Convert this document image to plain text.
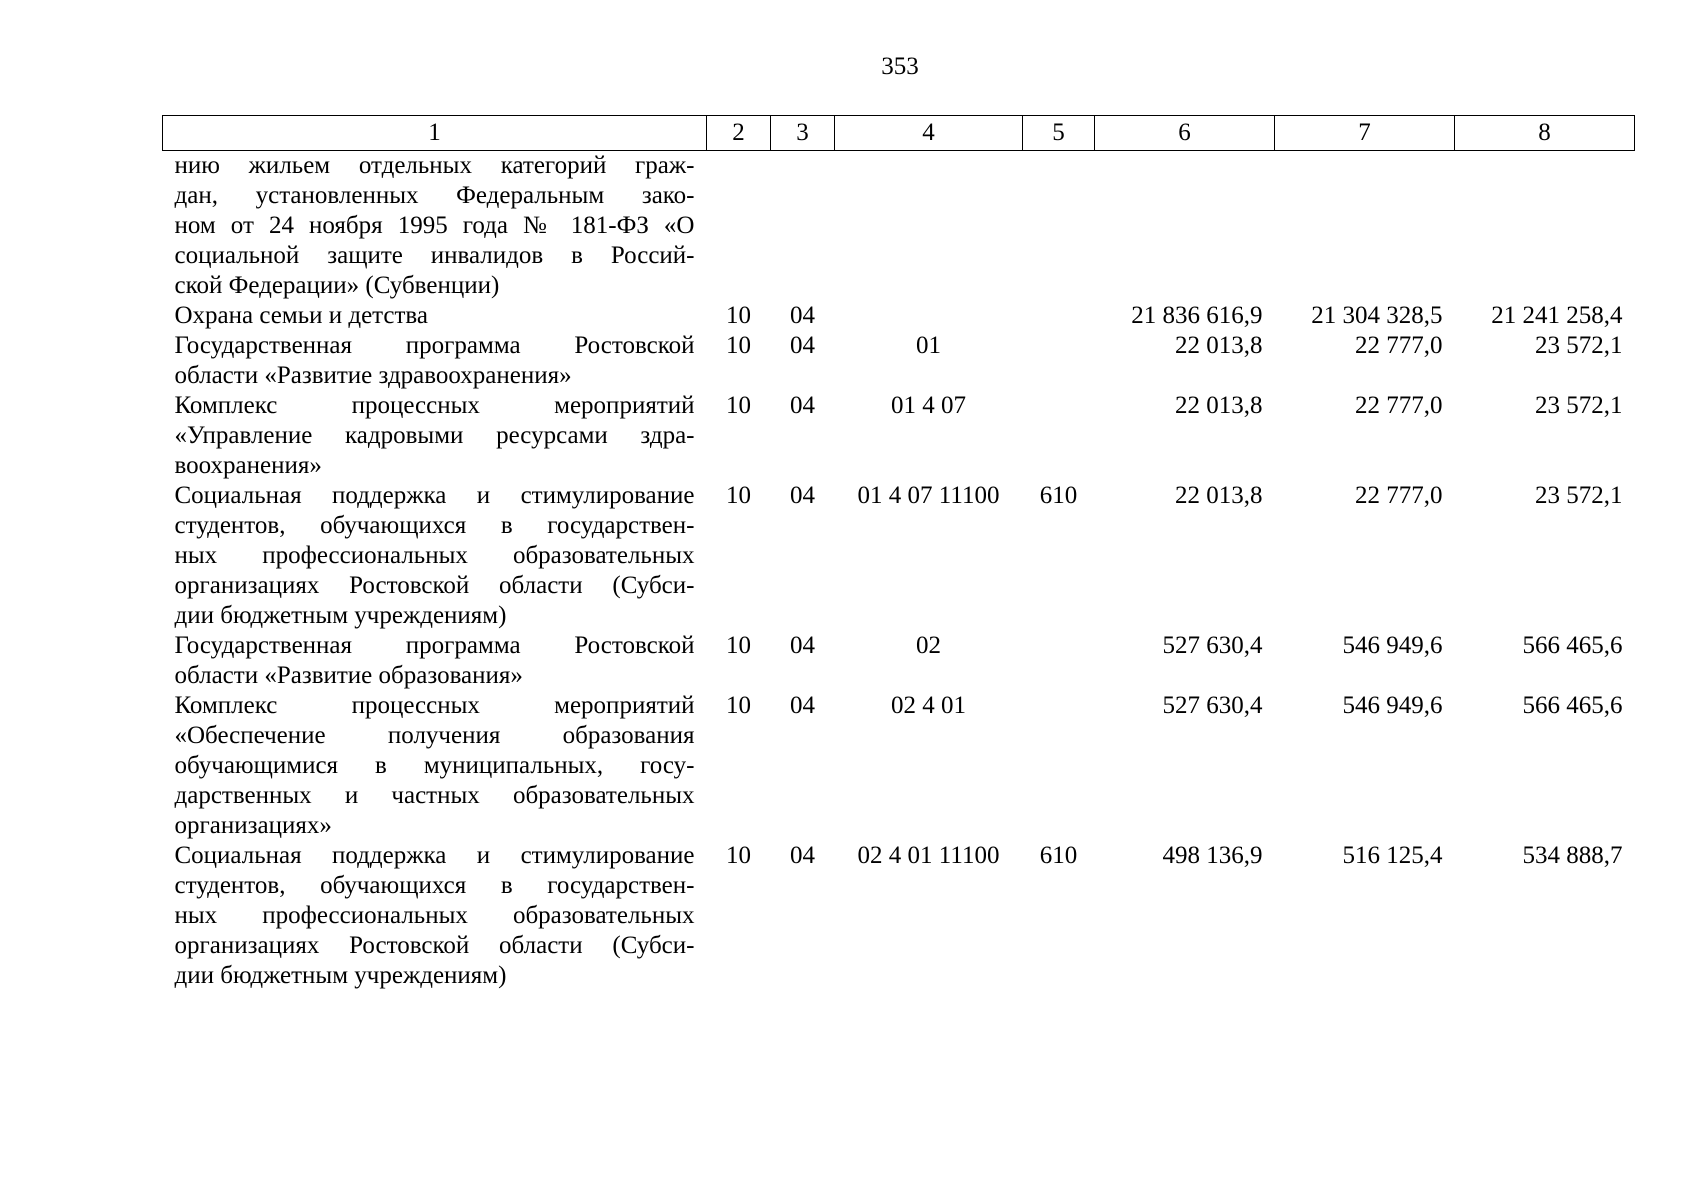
353
1	2	3	4	5	6	7	8

нию жильем отдельных категорий граж-
дан, установленных Федеральным зако-
ном от 24 ноября 1995 года № 181-ФЗ «О
социальной защите инвалидов в Россий-
ской Федерации» (Субвенции)							

Охрана семьи и детства	10	04			21 836 616,9	21 304 328,5	21 241 258,4

Государственная программа Ростовской
области «Развитие здравоохранения»	10	04	01		22 013,8	22 777,0	23 572,1

Комплекс процессных мероприятий
«Управление кадровыми ресурсами здра-
воохранения»	10	04	01 4 07		22 013,8	22 777,0	23 572,1

Социальная поддержка и стимулирование
студентов, обучающихся в государствен-
ных профессиональных образовательных
организациях Ростовской области (Субси-
дии бюджетным учреждениям)	10	04	01 4 07 11100	610	22 013,8	22 777,0	23 572,1

Государственная программа Ростовской
области «Развитие образования»	10	04	02		527 630,4	546 949,6	566 465,6

Комплекс процессных мероприятий
«Обеспечение получения образования
обучающимися в муниципальных, госу-
дарственных и частных образовательных
организациях»	10	04	02 4 01		527 630,4	546 949,6	566 465,6

Социальная поддержка и стимулирование
студентов, обучающихся в государствен-
ных профессиональных образовательных
организациях Ростовской области (Субси-
дии бюджетным учреждениям)	10	04	02 4 01 11100	610	498 136,9	516 125,4	534 888,7
